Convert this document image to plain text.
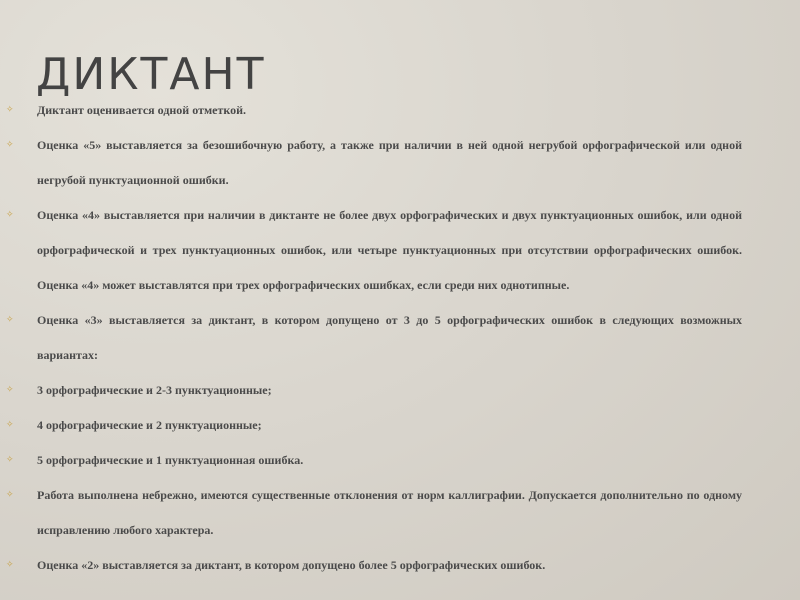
ДИКТАНТ

✧ Диктант оценивается одной отметкой.

✧ Оценка «5» выставляется за безошибочную работу, а также при наличии в ней одной негрубой орфографической или одной негрубой пунктуационной ошибки.

✧ Оценка «4» выставляется при наличии в диктанте не более двух орфографических и двух пунктуационных ошибок, или одной орфографической и трех пунктуационных ошибок, или четыре пунктуационных при отсутствии орфографических ошибок. Оценка «4» может выставлятся при трех орфографических ошибках, если среди них однотипные.

✧ Оценка «3» выставляется за диктант, в котором допущено от 3 до 5 орфографических ошибок в следующих возможных вариантах:

✧ 3 орфографические и 2-3 пунктуационные;

✧ 4 орфографические и 2 пунктуационные;

✧ 5 орфографические и 1 пунктуационная ошибка.

✧ Работа выполнена небрежно, имеются существенные отклонения от норм каллиграфии. Допускается дополнительно по одному исправлению любого характера.

✧ Оценка «2» выставляется за диктант, в котором допущено более 5 орфографических ошибок.
